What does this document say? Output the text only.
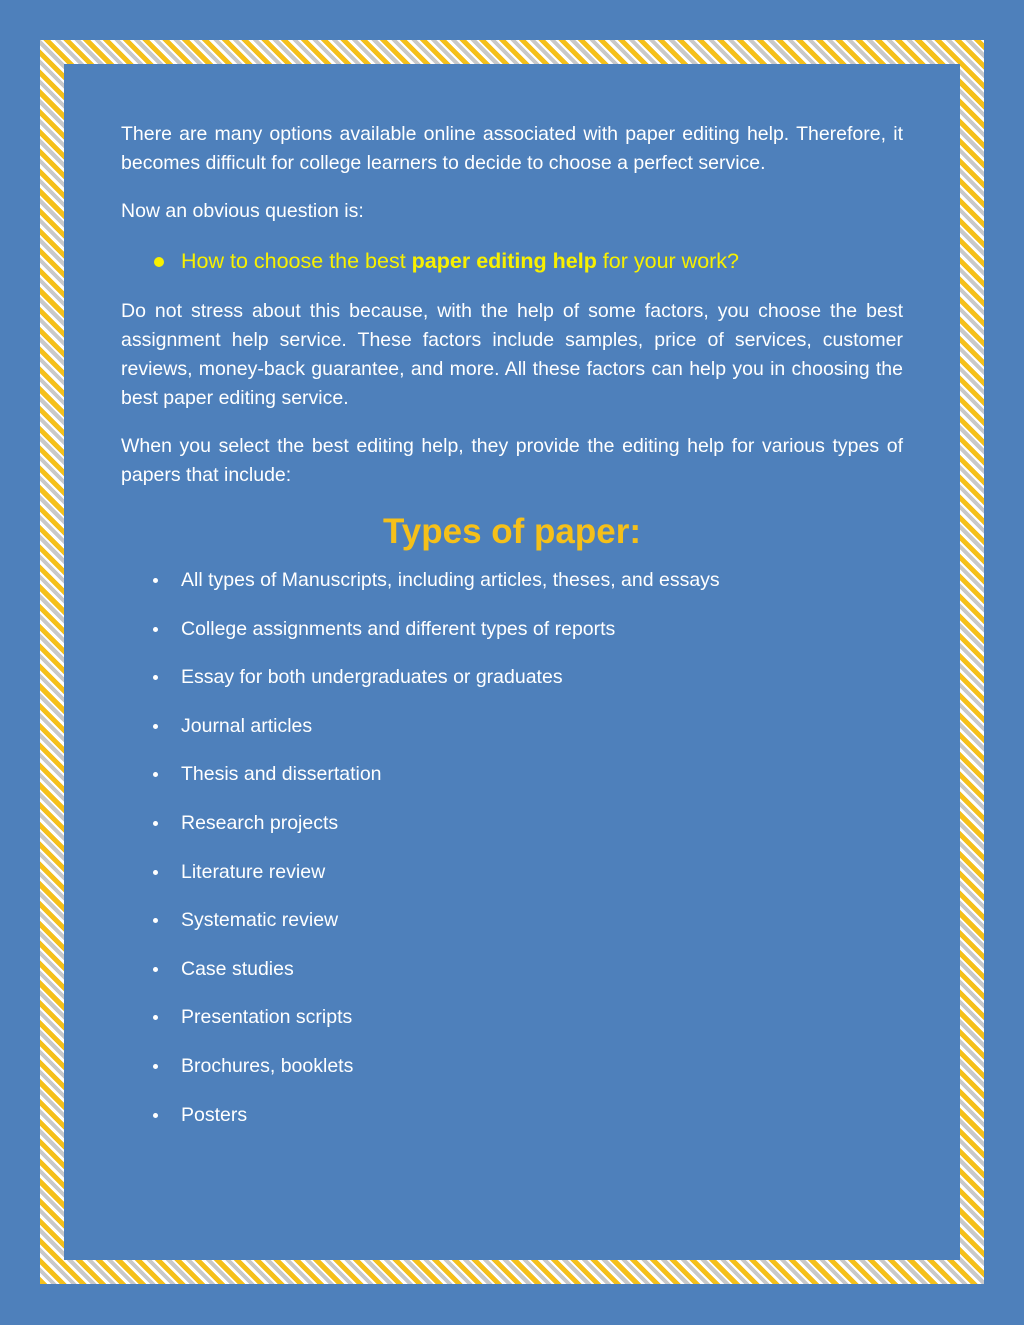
There are many options available online associated with paper editing help. Therefore, it becomes difficult for college learners to decide to choose a perfect service.

Now an obvious question is:

How to choose the best paper editing help for your work?

Do not stress about this because, with the help of some factors, you choose the best assignment help service. These factors include samples, price of services, customer reviews, money-back guarantee, and more. All these factors can help you in choosing the best paper editing service.

When you select the best editing help, they provide the editing help for various types of papers that include:

Types of paper:
All types of Manuscripts, including articles, theses, and essays
College assignments and different types of reports
Essay for both undergraduates or graduates
Journal articles
Thesis and dissertation
Research projects
Literature review
Systematic review
Case studies
Presentation scripts
Brochures, booklets
Posters
